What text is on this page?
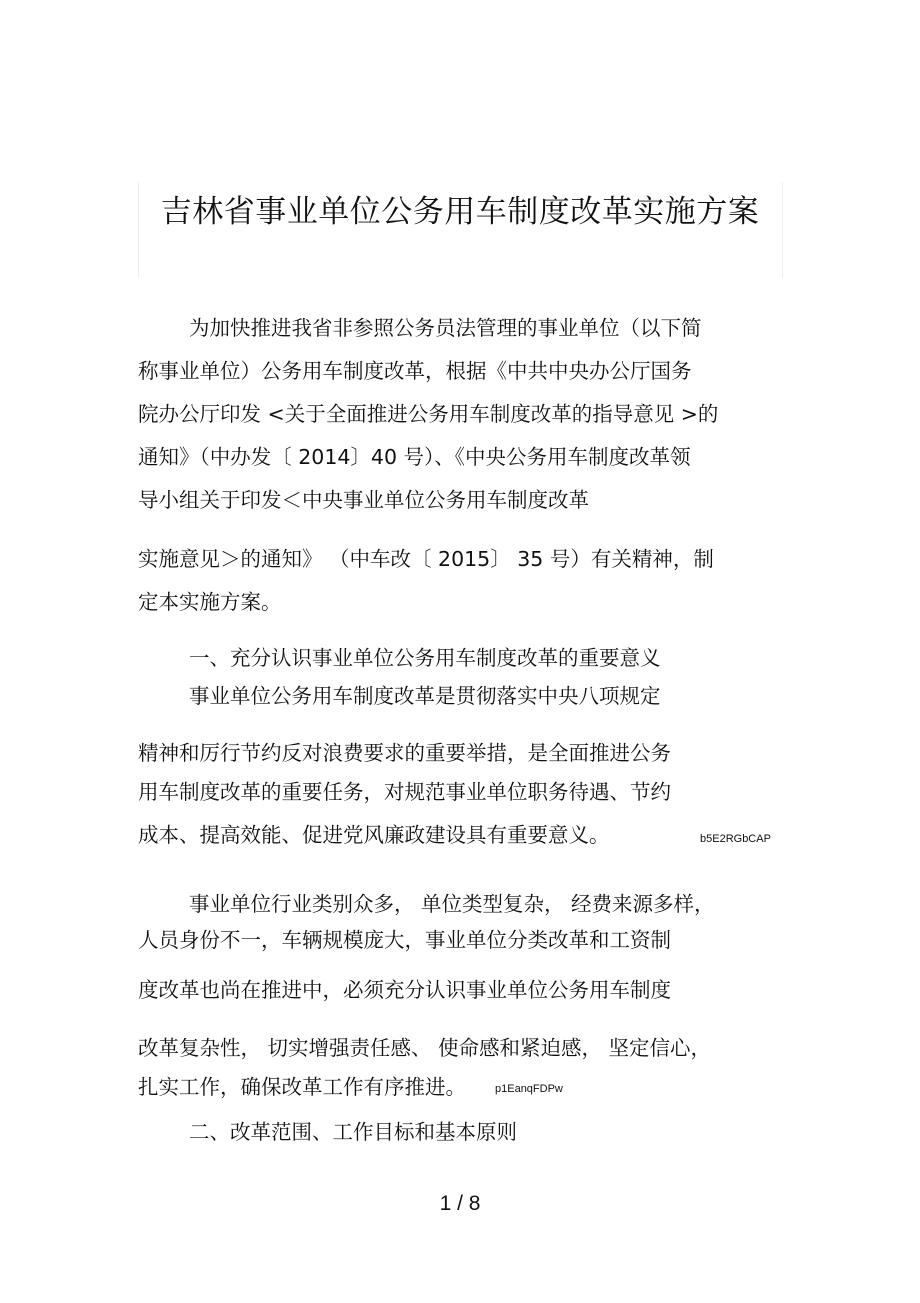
吉林省事业单位公务用车制度改革实施方案
为加快推进我省非参照公务员法管理的事业单位（以下简
称事业单位）公务用车制度改革，根据《中共中央办公厅国务
院办公厅印发 <关于全面推进公务用车制度改革的指导意见 >的
通知》（中办发〔 2014〕40 号）、《中央公务用车制度改革领
导小组关于印发＜中央事业单位公务用车制度改革
实施意见＞的通知》 （中车改〔 2015〕 35 号）有关精神，制
定本实施方案。
一、充分认识事业单位公务用车制度改革的重要意义
事业单位公务用车制度改革是贯彻落实中央八项规定
精神和厉行节约反对浪费要求的重要举措，是全面推进公务
用车制度改革的重要任务，对规范事业单位职务待遇、节约
成本、提高效能、促进党风廉政建设具有重要意义。	b5E2RGbCAP
事业单位行业类别众多， 单位类型复杂， 经费来源多样，
人员身份不一，车辆规模庞大，事业单位分类改革和工资制
度改革也尚在推进中，必须充分认识事业单位公务用车制度
改革复杂性， 切实增强责任感、 使命感和紧迫感， 坚定信心，
扎实工作，确保改革工作有序推进。	p1EanqFDPw
二、改革范围、工作目标和基本原则
1 / 8
